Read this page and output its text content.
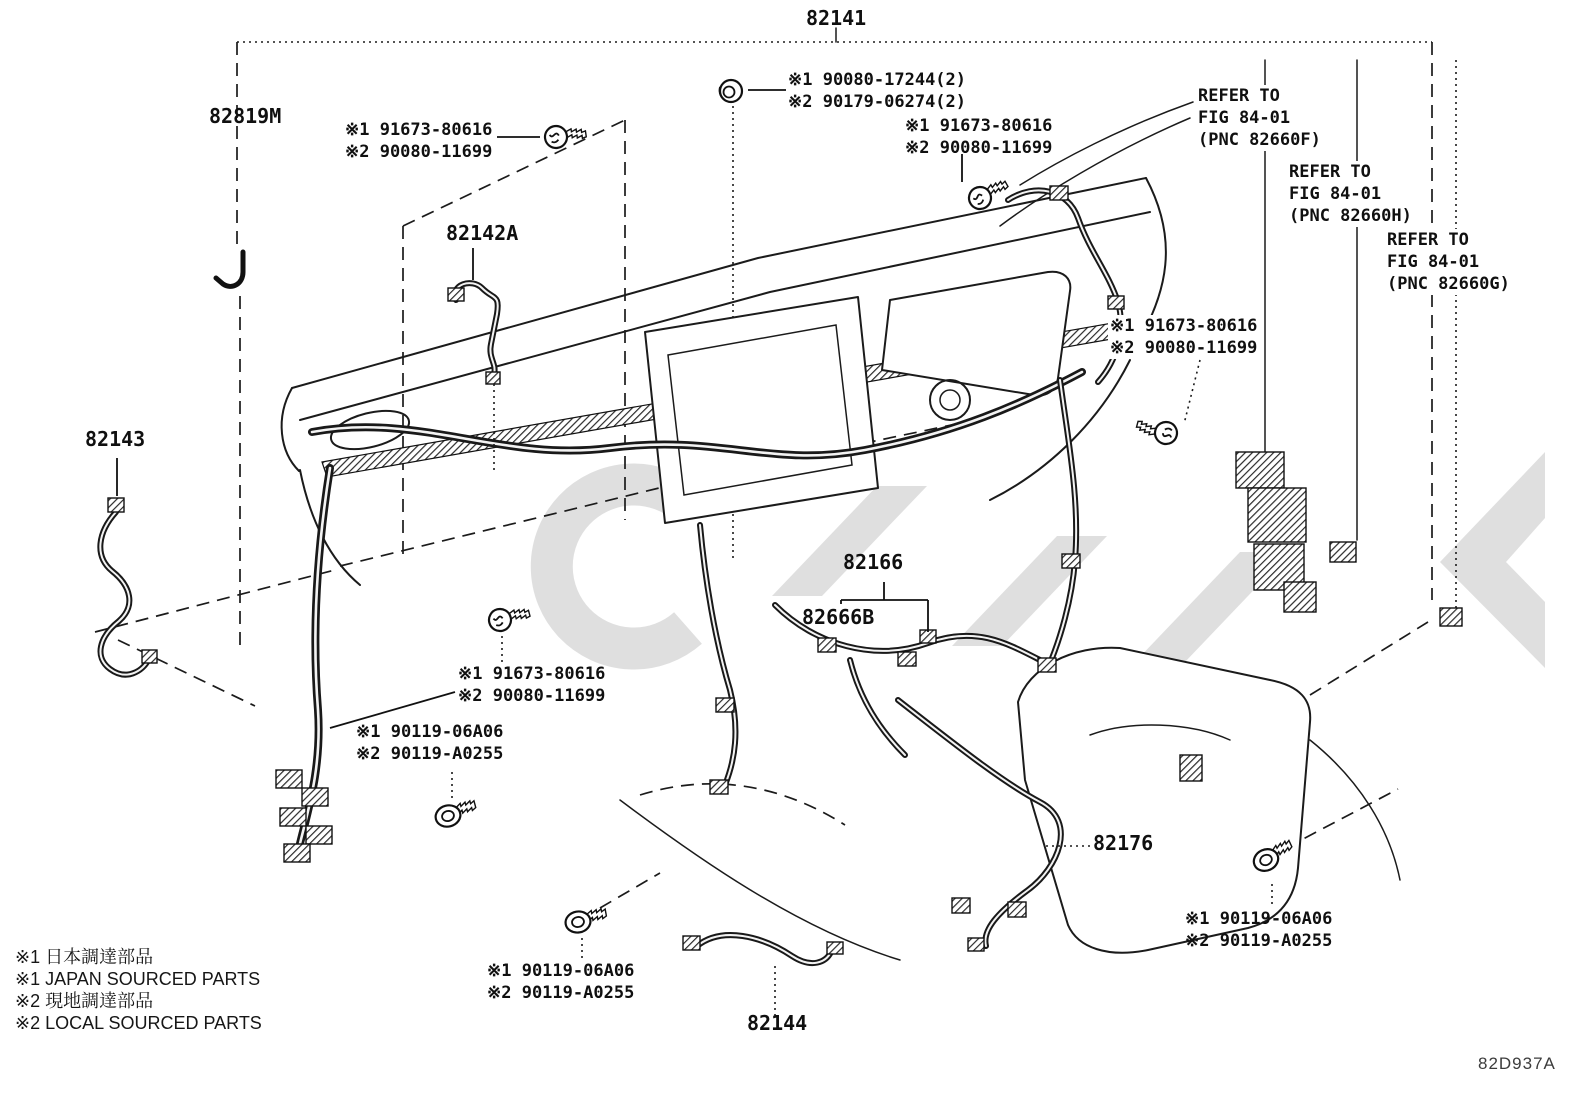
82141
82819M
82142A
82143
82166
82666B
82176
82144
※1 91673-80616
※2 90080-11699
※1 90080-17244(2)
※2 90179-06274(2)
※1 91673-80616
※2 90080-11699
※1 91673-80616
※2 90080-11699
※1 91673-80616
※2 90080-11699
※1 90119-06A06
※2 90119-A0255
※1 90119-06A06
※2 90119-A0255
※1 90119-06A06
※2 90119-A0255
REFER TO
FIG 84-01
(PNC 82660F)
REFER TO
FIG 84-01
(PNC 82660H)
REFER TO
FIG 84-01
(PNC 82660G)
※1 日本調達部品
※1 JAPAN SOURCED PARTS
※2 現地調達部品
※2 LOCAL SOURCED PARTS
82D937A
